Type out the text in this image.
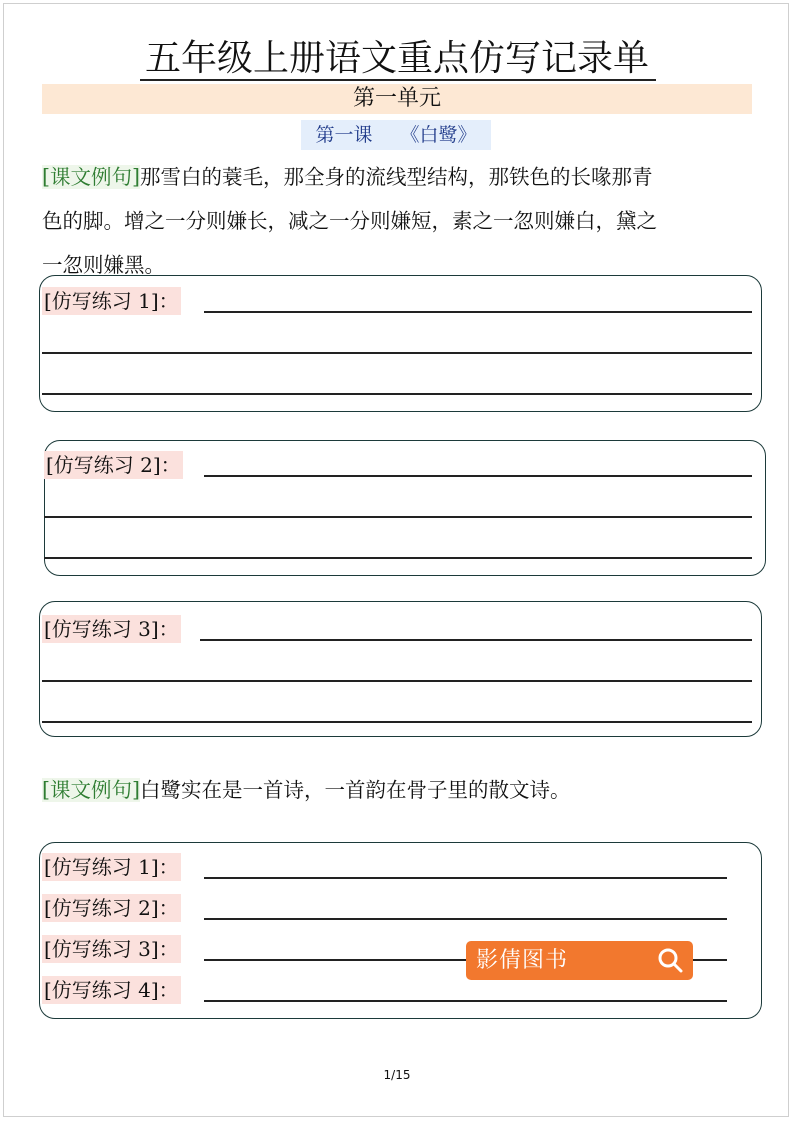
五年级上册语文重点仿写记录单
第一单元
第一课 《白鹭》
[课文例句]那雪白的蓑毛，那全身的流线型结构，那铁色的长喙那青
色的脚。增之一分则嫌长，减之一分则嫌短，素之一忽则嫌白，黛之
一忽则嫌黑。
[仿写练习 1]：
[仿写练习 2]：
[仿写练习 3]：
[课文例句]白鹭实在是一首诗，一首韵在骨子里的散文诗。
[仿写练习 1]：
[仿写练习 2]：
[仿写练习 3]：
[仿写练习 4]：
影倩图书
1/15
